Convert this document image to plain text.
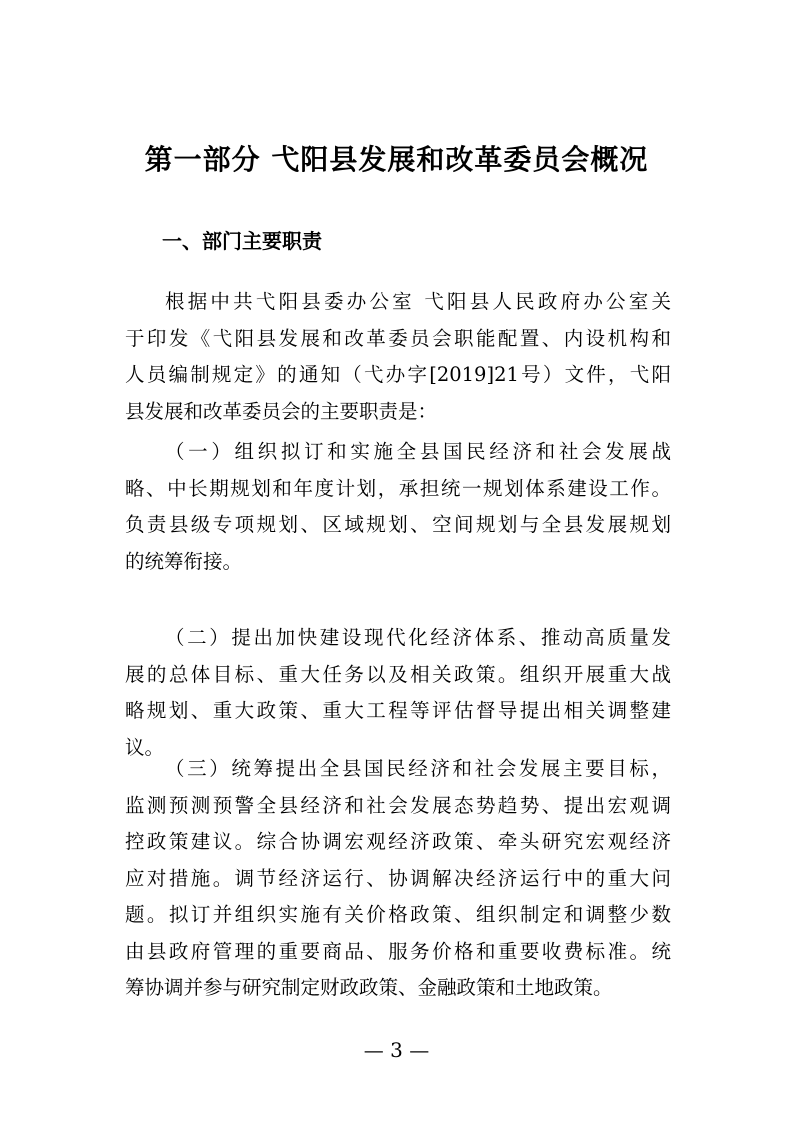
第一部分 弋阳县发展和改革委员会概况
一、部门主要职责
根据中共弋阳县委办公室 弋阳县人民政府办公室关
于印发《弋阳县发展和改革委员会职能配置、内设机构和
人员编制规定》的通知（弋办字[2019]21号）文件，弋阳
县发展和改革委员会的主要职责是：
（一）组织拟订和实施全县国民经济和社会发展战
略、中长期规划和年度计划，承担统一规划体系建设工作。
负责县级专项规划、区域规划、空间规划与全县发展规划
的统筹衔接。
（二）提出加快建设现代化经济体系、推动高质量发
展的总体目标、重大任务以及相关政策。组织开展重大战
略规划、重大政策、重大工程等评估督导提出相关调整建
议。
（三）统筹提出全县国民经济和社会发展主要目标，
监测预测预警全县经济和社会发展态势趋势、提出宏观调
控政策建议。综合协调宏观经济政策、牵头研究宏观经济
应对措施。调节经济运行、协调解决经济运行中的重大问
题。拟订并组织实施有关价格政策、组织制定和调整少数
由县政府管理的重要商品、服务价格和重要收费标准。统
筹协调并参与研究制定财政政策、金融政策和土地政策。
— 3 —
